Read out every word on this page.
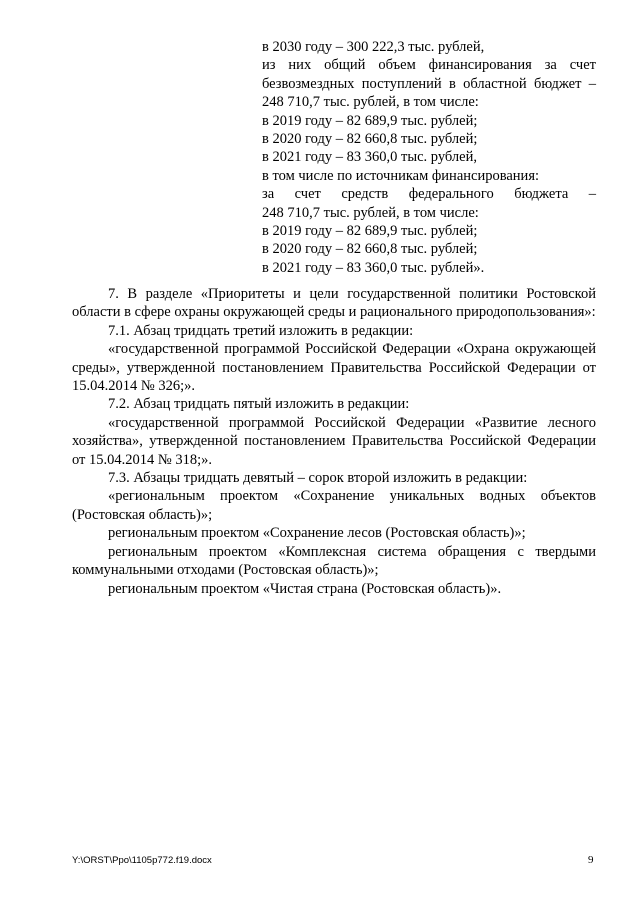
в 2030 году – 300 222,3 тыс. рублей,
из них общий объем финансирования за счет
безвозмездных поступлений в областной бюджет –
248 710,7 тыс. рублей, в том числе:
в 2019 году – 82 689,9 тыс. рублей;
в 2020 году – 82 660,8 тыс. рублей;
в 2021 году – 83 360,0 тыс. рублей,
в том числе по источникам финансирования:
за счет средств федерального бюджета –
248 710,7 тыс. рублей, в том числе:
в 2019 году – 82 689,9 тыс. рублей;
в 2020 году – 82 660,8 тыс. рублей;
в 2021 году – 83 360,0 тыс. рублей».

7. В разделе «Приоритеты и цели государственной политики Ростовской области в сфере охраны окружающей среды и рационального природопользования»:

7.1. Абзац тридцать третий изложить в редакции:

«государственной программой Российской Федерации «Охрана окружающей среды», утвержденной постановлением Правительства Российской Федерации от 15.04.2014 № 326;».

7.2. Абзац тридцать пятый изложить в редакции:

«государственной программой Российской Федерации «Развитие лесного хозяйства», утвержденной постановлением Правительства Российской Федерации от 15.04.2014 № 318;».

7.3. Абзацы тридцать девятый – сорок второй изложить в редакции:

«региональным проектом «Сохранение уникальных водных объектов (Ростовская область)»;

региональным проектом «Сохранение лесов (Ростовская область)»;

региональным проектом «Комплексная система обращения с твердыми коммунальными отходами (Ростовская область)»;

региональным проектом «Чистая страна (Ростовская область)».

Y:\ORST\Ppo\1105p772.f19.docx	9
